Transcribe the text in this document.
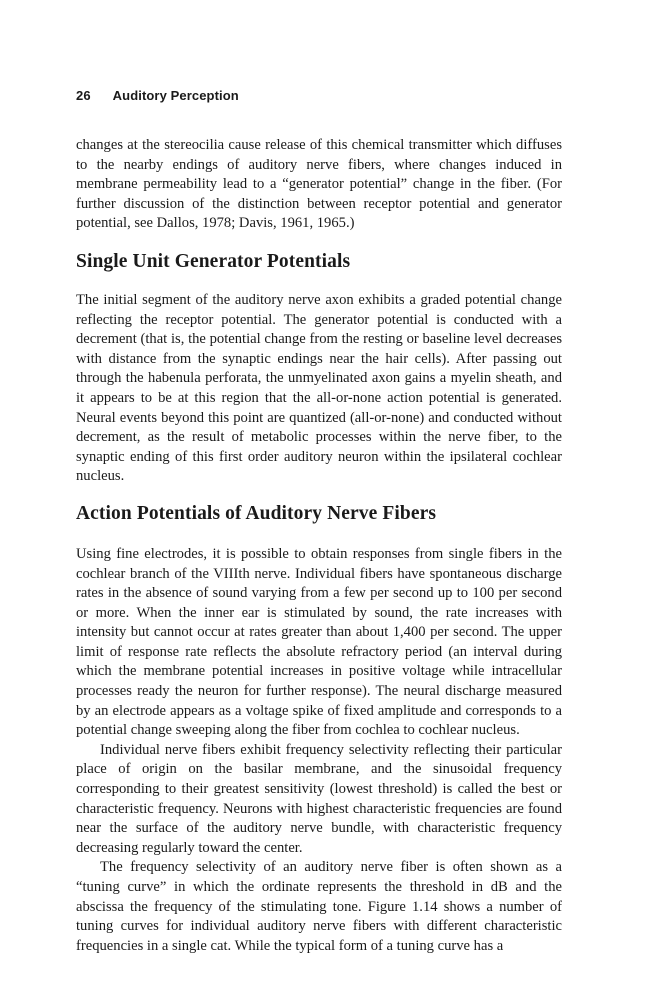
26 Auditory Perception

changes at the stereocilia cause release of this chemical transmitter which diffuses to the nearby endings of auditory nerve fibers, where changes induced in membrane permeability lead to a “generator potential” change in the fiber. (For further discussion of the distinction between receptor potential and generator potential, see Dallos, 1978; Davis, 1961, 1965.)

Single Unit Generator Potentials

The initial segment of the auditory nerve axon exhibits a graded potential change reflecting the receptor potential. The generator potential is conducted with a decrement (that is, the potential change from the resting or baseline level decreases with distance from the synaptic endings near the hair cells). After passing out through the habenula perforata, the unmyelinated axon gains a myelin sheath, and it appears to be at this region that the all-or-none action potential is generated. Neural events beyond this point are quantized (all-or-none) and conducted without decrement, as the result of metabolic processes within the nerve fiber, to the synaptic ending of this first order auditory neuron within the ipsilateral cochlear nucleus.

Action Potentials of Auditory Nerve Fibers

Using fine electrodes, it is possible to obtain responses from single fibers in the cochlear branch of the VIIIth nerve. Individual fibers have spontaneous discharge rates in the absence of sound varying from a few per second up to 100 per second or more. When the inner ear is stimulated by sound, the rate increases with intensity but cannot occur at rates greater than about 1,400 per second. The upper limit of response rate reflects the absolute refractory period (an interval during which the membrane potential increases in positive voltage while intracellular processes ready the neuron for further response). The neural discharge measured by an electrode appears as a voltage spike of fixed amplitude and corresponds to a potential change sweeping along the fiber from cochlea to cochlear nucleus.

Individual nerve fibers exhibit frequency selectivity reflecting their particular place of origin on the basilar membrane, and the sinusoidal frequency corresponding to their greatest sensitivity (lowest threshold) is called the best or characteristic frequency. Neurons with highest characteristic frequencies are found near the surface of the auditory nerve bundle, with characteristic frequency decreasing regularly toward the center.

The frequency selectivity of an auditory nerve fiber is often shown as a “tuning curve” in which the ordinate represents the threshold in dB and the abscissa the frequency of the stimulating tone. Figure 1.14 shows a number of tuning curves for individual auditory nerve fibers with different characteristic frequencies in a single cat. While the typical form of a tuning curve has a
